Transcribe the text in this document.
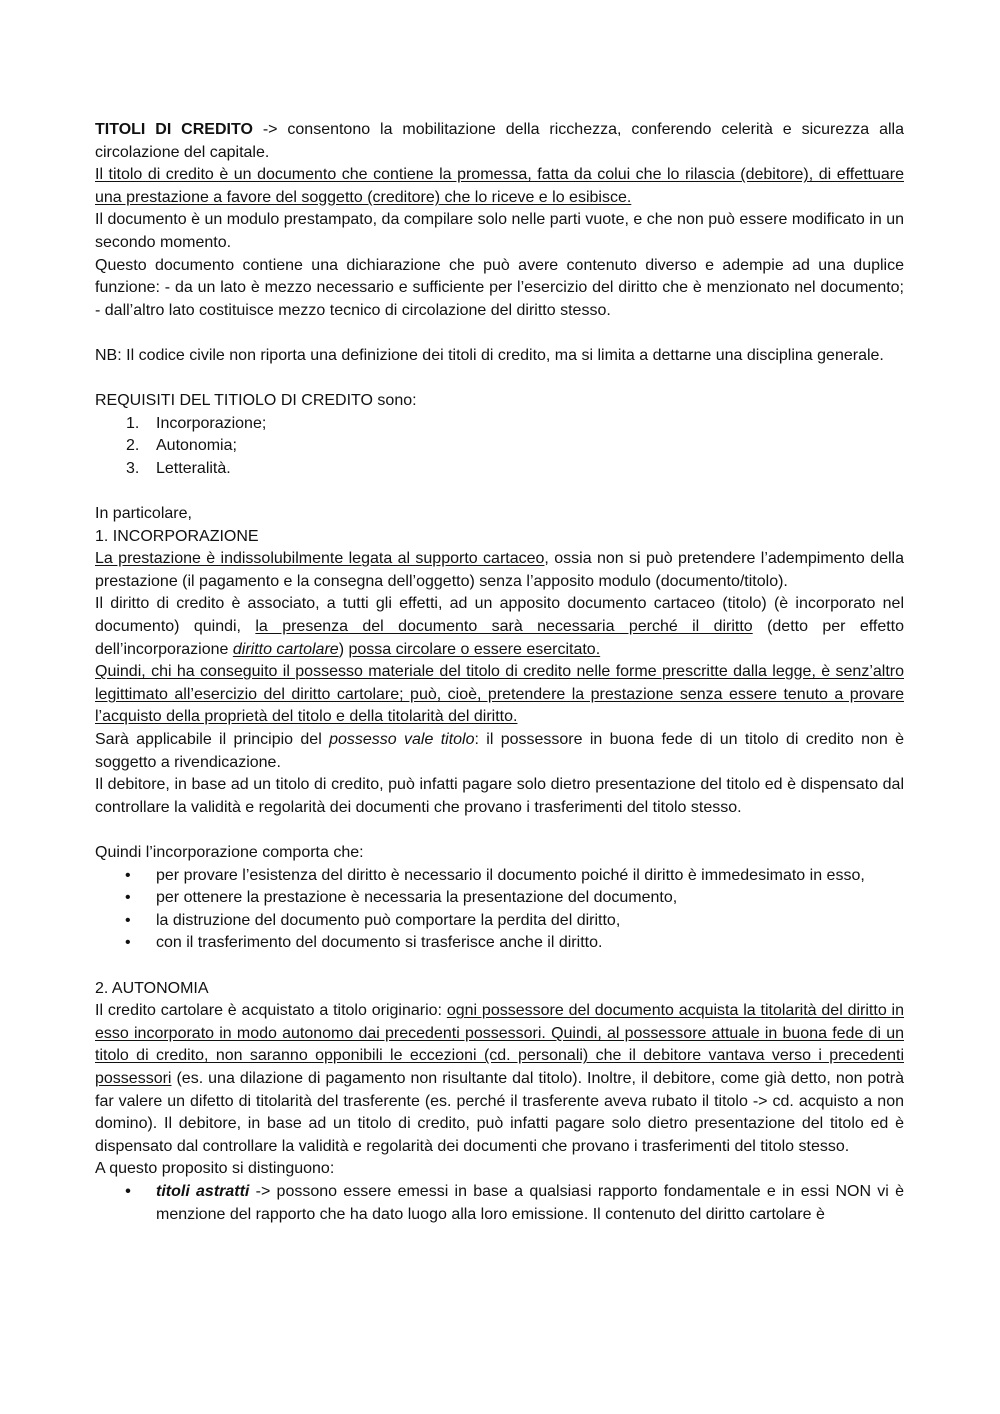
TITOLI DI CREDITO -> consentono la mobilitazione della ricchezza, conferendo celerità e sicurezza alla circolazione del capitale.

Il titolo di credito è un documento che contiene la promessa, fatta da colui che lo rilascia (debitore), di effettuare una prestazione a favore del soggetto (creditore) che lo riceve e lo esibisce.

Il documento è un modulo prestampato, da compilare solo nelle parti vuote, e che non può essere modificato in un secondo momento.

Questo documento contiene una dichiarazione che può avere contenuto diverso e adempie ad una duplice funzione: - da un lato è mezzo necessario e sufficiente per l’esercizio del diritto che è menzionato nel documento; - dall’altro lato costituisce mezzo tecnico di circolazione del diritto stesso.

NB: Il codice civile non riporta una definizione dei titoli di credito, ma si limita a dettarne una disciplina generale.

REQUISITI DEL TITIOLO DI CREDITO sono:

1. Incorporazione;
2. Autonomia;
3. Letteralità.

In particolare,

1. INCORPORAZIONE

La prestazione è indissolubilmente legata al supporto cartaceo, ossia non si può pretendere l’adempimento della prestazione (il pagamento e la consegna dell’oggetto) senza l’apposito modulo (documento/titolo).

Il diritto di credito è associato, a tutti gli effetti, ad un apposito documento cartaceo (titolo) (è incorporato nel documento) quindi, la presenza del documento sarà necessaria perché il diritto (detto per effetto dell’incorporazione diritto cartolare) possa circolare o essere esercitato.

Quindi, chi ha conseguito il possesso materiale del titolo di credito nelle forme prescritte dalla legge, è senz’altro legittimato all’esercizio del diritto cartolare; può, cioè, pretendere la prestazione senza essere tenuto a provare l’acquisto della proprietà del titolo e della titolarità del diritto.

Sarà applicabile il principio del possesso vale titolo: il possessore in buona fede di un titolo di credito non è soggetto a rivendicazione.

Il debitore, in base ad un titolo di credito, può infatti pagare solo dietro presentazione del titolo ed è dispensato dal controllare la validità e regolarità dei documenti che provano i trasferimenti del titolo stesso.

Quindi l’incorporazione comporta che:

• per provare l’esistenza del diritto è necessario il documento poiché il diritto è immedesimato in esso,
• per ottenere la prestazione è necessaria la presentazione del documento,
• la distruzione del documento può comportare la perdita del diritto,
• con il trasferimento del documento si trasferisce anche il diritto.

2. AUTONOMIA

Il credito cartolare è acquistato a titolo originario: ogni possessore del documento acquista la titolarità del diritto in esso incorporato in modo autonomo dai precedenti possessori. Quindi, al possessore attuale in buona fede di un titolo di credito, non saranno opponibili le eccezioni (cd. personali) che il debitore vantava verso i precedenti possessori (es. una dilazione di pagamento non risultante dal titolo). Inoltre, il debitore, come già detto, non potrà far valere un difetto di titolarità del trasferente (es. perché il trasferente aveva rubato il titolo -> cd. acquisto a non domino). Il debitore, in base ad un titolo di credito, può infatti pagare solo dietro presentazione del titolo ed è dispensato dal controllare la validità e regolarità dei documenti che provano i trasferimenti del titolo stesso.

A questo proposito si distinguono:

• titoli astratti -> possono essere emessi in base a qualsiasi rapporto fondamentale e in essi NON vi è menzione del rapporto che ha dato luogo alla loro emissione. Il contenuto del diritto cartolare è
